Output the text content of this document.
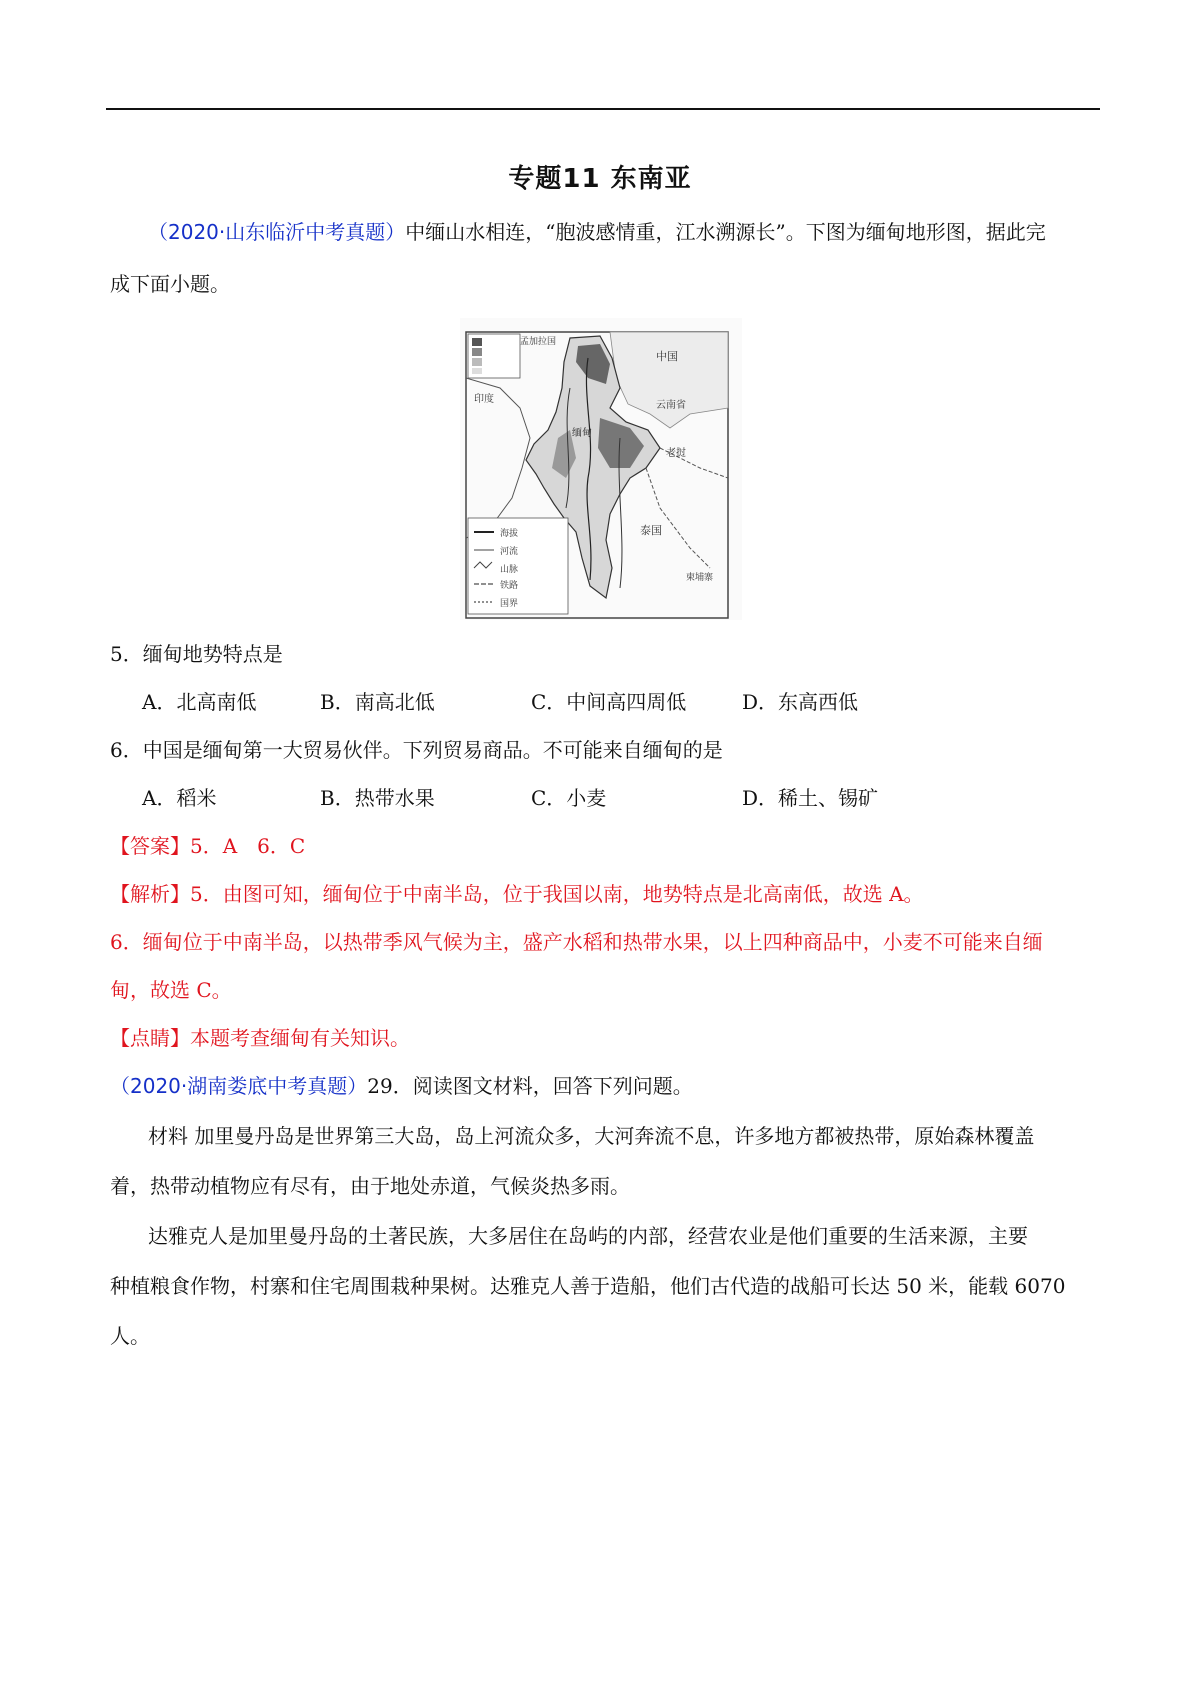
专题11 东南亚
（2020·山东临沂中考真题）中缅山水相连，“胞波感情重，江水溯源长”。下图为缅甸地形图，据此完
成下面小题。
中国
云南省
老挝
泰国
柬埔寨
印度
孟加拉国
缅甸
海拔
河流
山脉
铁路
国界
5．缅甸地势特点是
A．北高南低	B．南高北低	C．中间高四周低	D．东高西低
6．中国是缅甸第一大贸易伙伴。下列贸易商品。不可能来自缅甸的是
A．稻米	B．热带水果	C．小麦	D．稀土、锡矿
【答案】5．A　6．C
【解析】5．由图可知，缅甸位于中南半岛，位于我国以南，地势特点是北高南低，故选 A。
6．缅甸位于中南半岛，以热带季风气候为主，盛产水稻和热带水果，以上四种商品中，小麦不可能来自缅
甸，故选 C。
【点睛】本题考查缅甸有关知识。
（2020·湖南娄底中考真题）29．阅读图文材料，回答下列问题。
材料 加里曼丹岛是世界第三大岛，岛上河流众多，大河奔流不息，许多地方都被热带，原始森林覆盖
着，热带动植物应有尽有，由于地处赤道，气候炎热多雨。
达雅克人是加里曼丹岛的土著民族，大多居住在岛屿的内部，经营农业是他们重要的生活来源，主要
种植粮食作物，村寨和住宅周围栽种果树。达雅克人善于造船，他们古代造的战船可长达 50 米，能载 6070
人。
